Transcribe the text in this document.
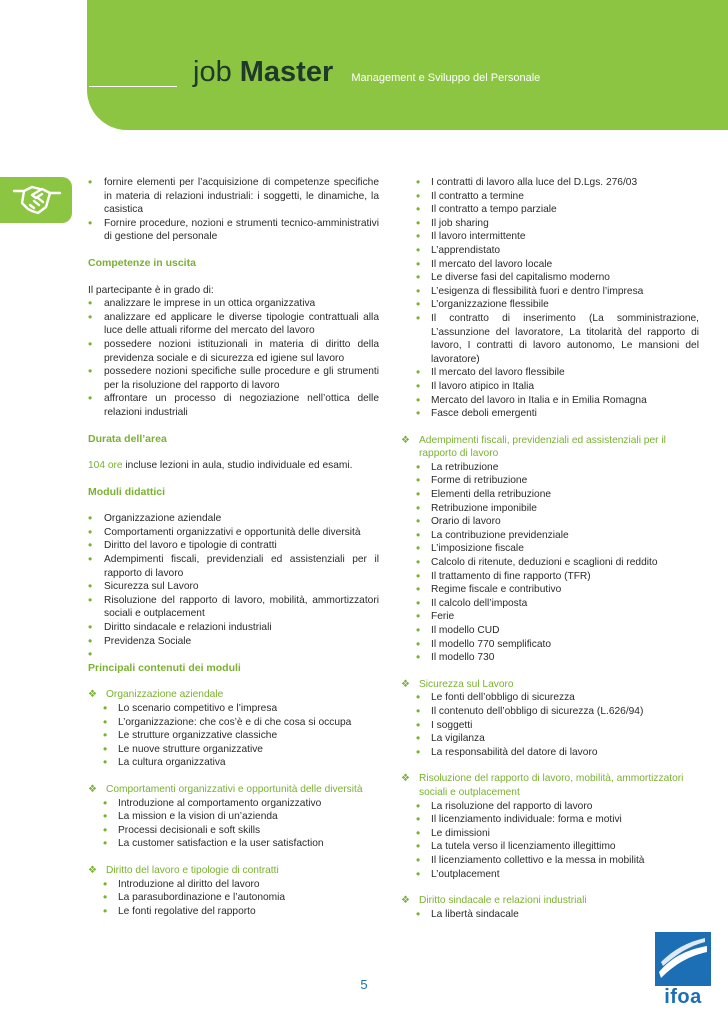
job Master Management e Sviluppo del Personale
• fornire elementi per l’acquisizione di competenze specifiche in materia di relazioni industriali: i soggetti, le dinamiche, la casistica
• Fornire procedure, nozioni e strumenti tecnico-amministrativi di gestione del personale

Competenze in uscita

Il partecipante è in grado di:

• analizzare le imprese in un ottica organizzativa
• analizzare ed applicare le diverse tipologie contrattuali alla luce delle attuali riforme del mercato del lavoro
• possedere nozioni istituzionali in materia di diritto della previdenza sociale e di sicurezza ed igiene sul lavoro
• possedere nozioni specifiche sulle procedure e gli strumenti per la risoluzione del rapporto di lavoro
• affrontare un processo di negoziazione nell’ottica delle relazioni industriali

Durata dell’area

104 ore incluse lezioni in aula, studio individuale ed esami.

Moduli didattici

• Organizzazione aziendale
• Comportamenti organizzativi e opportunità delle diversità
• Diritto del lavoro e tipologie di contratti
• Adempimenti fiscali, previdenziali ed assistenziali per il rapporto di lavoro
• Sicurezza sul Lavoro
• Risoluzione del rapporto di lavoro, mobilità, ammortizzatori sociali e outplacement
• Diritto sindacale e relazioni industriali
• Previdenza Sociale
•

Principali contenuti dei moduli

❖ Organizzazione aziendale

• Lo scenario competitivo e l’impresa
• L’organizzazione: che cos’è e di che cosa si occupa
• Le strutture organizzative classiche
• Le nuove strutture organizzative
• La cultura organizzativa

❖ Comportamenti organizzativi e opportunità delle diversità

• Introduzione al comportamento organizzativo
• La mission e la vision di un’azienda
• Processi decisionali e soft skills
• La customer satisfaction e la user satisfaction

❖ Diritto del lavoro e tipologie di contratti

• Introduzione al diritto del lavoro
• La parasubordinazione e l’autonomia
• Le fonti regolative del rapporto
• I contratti di lavoro alla luce del D.Lgs. 276/03
• Il contratto a termine
• Il contratto a tempo parziale
• Il job sharing
• Il lavoro intermittente
• L’apprendistato
• Il mercato del lavoro locale
• Le diverse fasi del capitalismo moderno
• L’esigenza di flessibilità fuori e dentro l’impresa
• L’organizzazione flessibile
• Il contratto di inserimento (La somministrazione, L’assunzione del lavoratore, La titolarità del rapporto di lavoro, I contratti di lavoro autonomo, Le mansioni del lavoratore)
• Il mercato del lavoro flessibile
• Il lavoro atipico in Italia
• Mercato del lavoro in Italia e in Emilia Romagna
• Fasce deboli emergenti

❖ Adempimenti fiscali, previdenziali ed assistenziali per il rapporto di lavoro

• La retribuzione
• Forme di retribuzione
• Elementi della retribuzione
• Retribuzione imponibile
• Orario di lavoro
• La contribuzione previdenziale
• L’imposizione fiscale
• Calcolo di ritenute, deduzioni e scaglioni di reddito
• Il trattamento di fine rapporto (TFR)
• Regime fiscale e contributivo
• Il calcolo dell’imposta
• Ferie
• Il modello CUD
• Il modello 770 semplificato
• Il modello 730

❖ Sicurezza sul Lavoro

• Le fonti dell’obbligo di sicurezza
• Il contenuto dell’obbligo di sicurezza (L.626/94)
• I soggetti
• La vigilanza
• La responsabilità del datore di lavoro

❖ Risoluzione del rapporto di lavoro, mobilità, ammortizzatori sociali e outplacement

• La risoluzione del rapporto di lavoro
• Il licenziamento individuale: forma e motivi
• Le dimissioni
• La tutela verso il licenziamento illegittimo
• Il licenziamento collettivo e la messa in mobilità
• L’outplacement

❖ Diritto sindacale e relazioni industriali

• La libertà sindacale
5
ifoa
